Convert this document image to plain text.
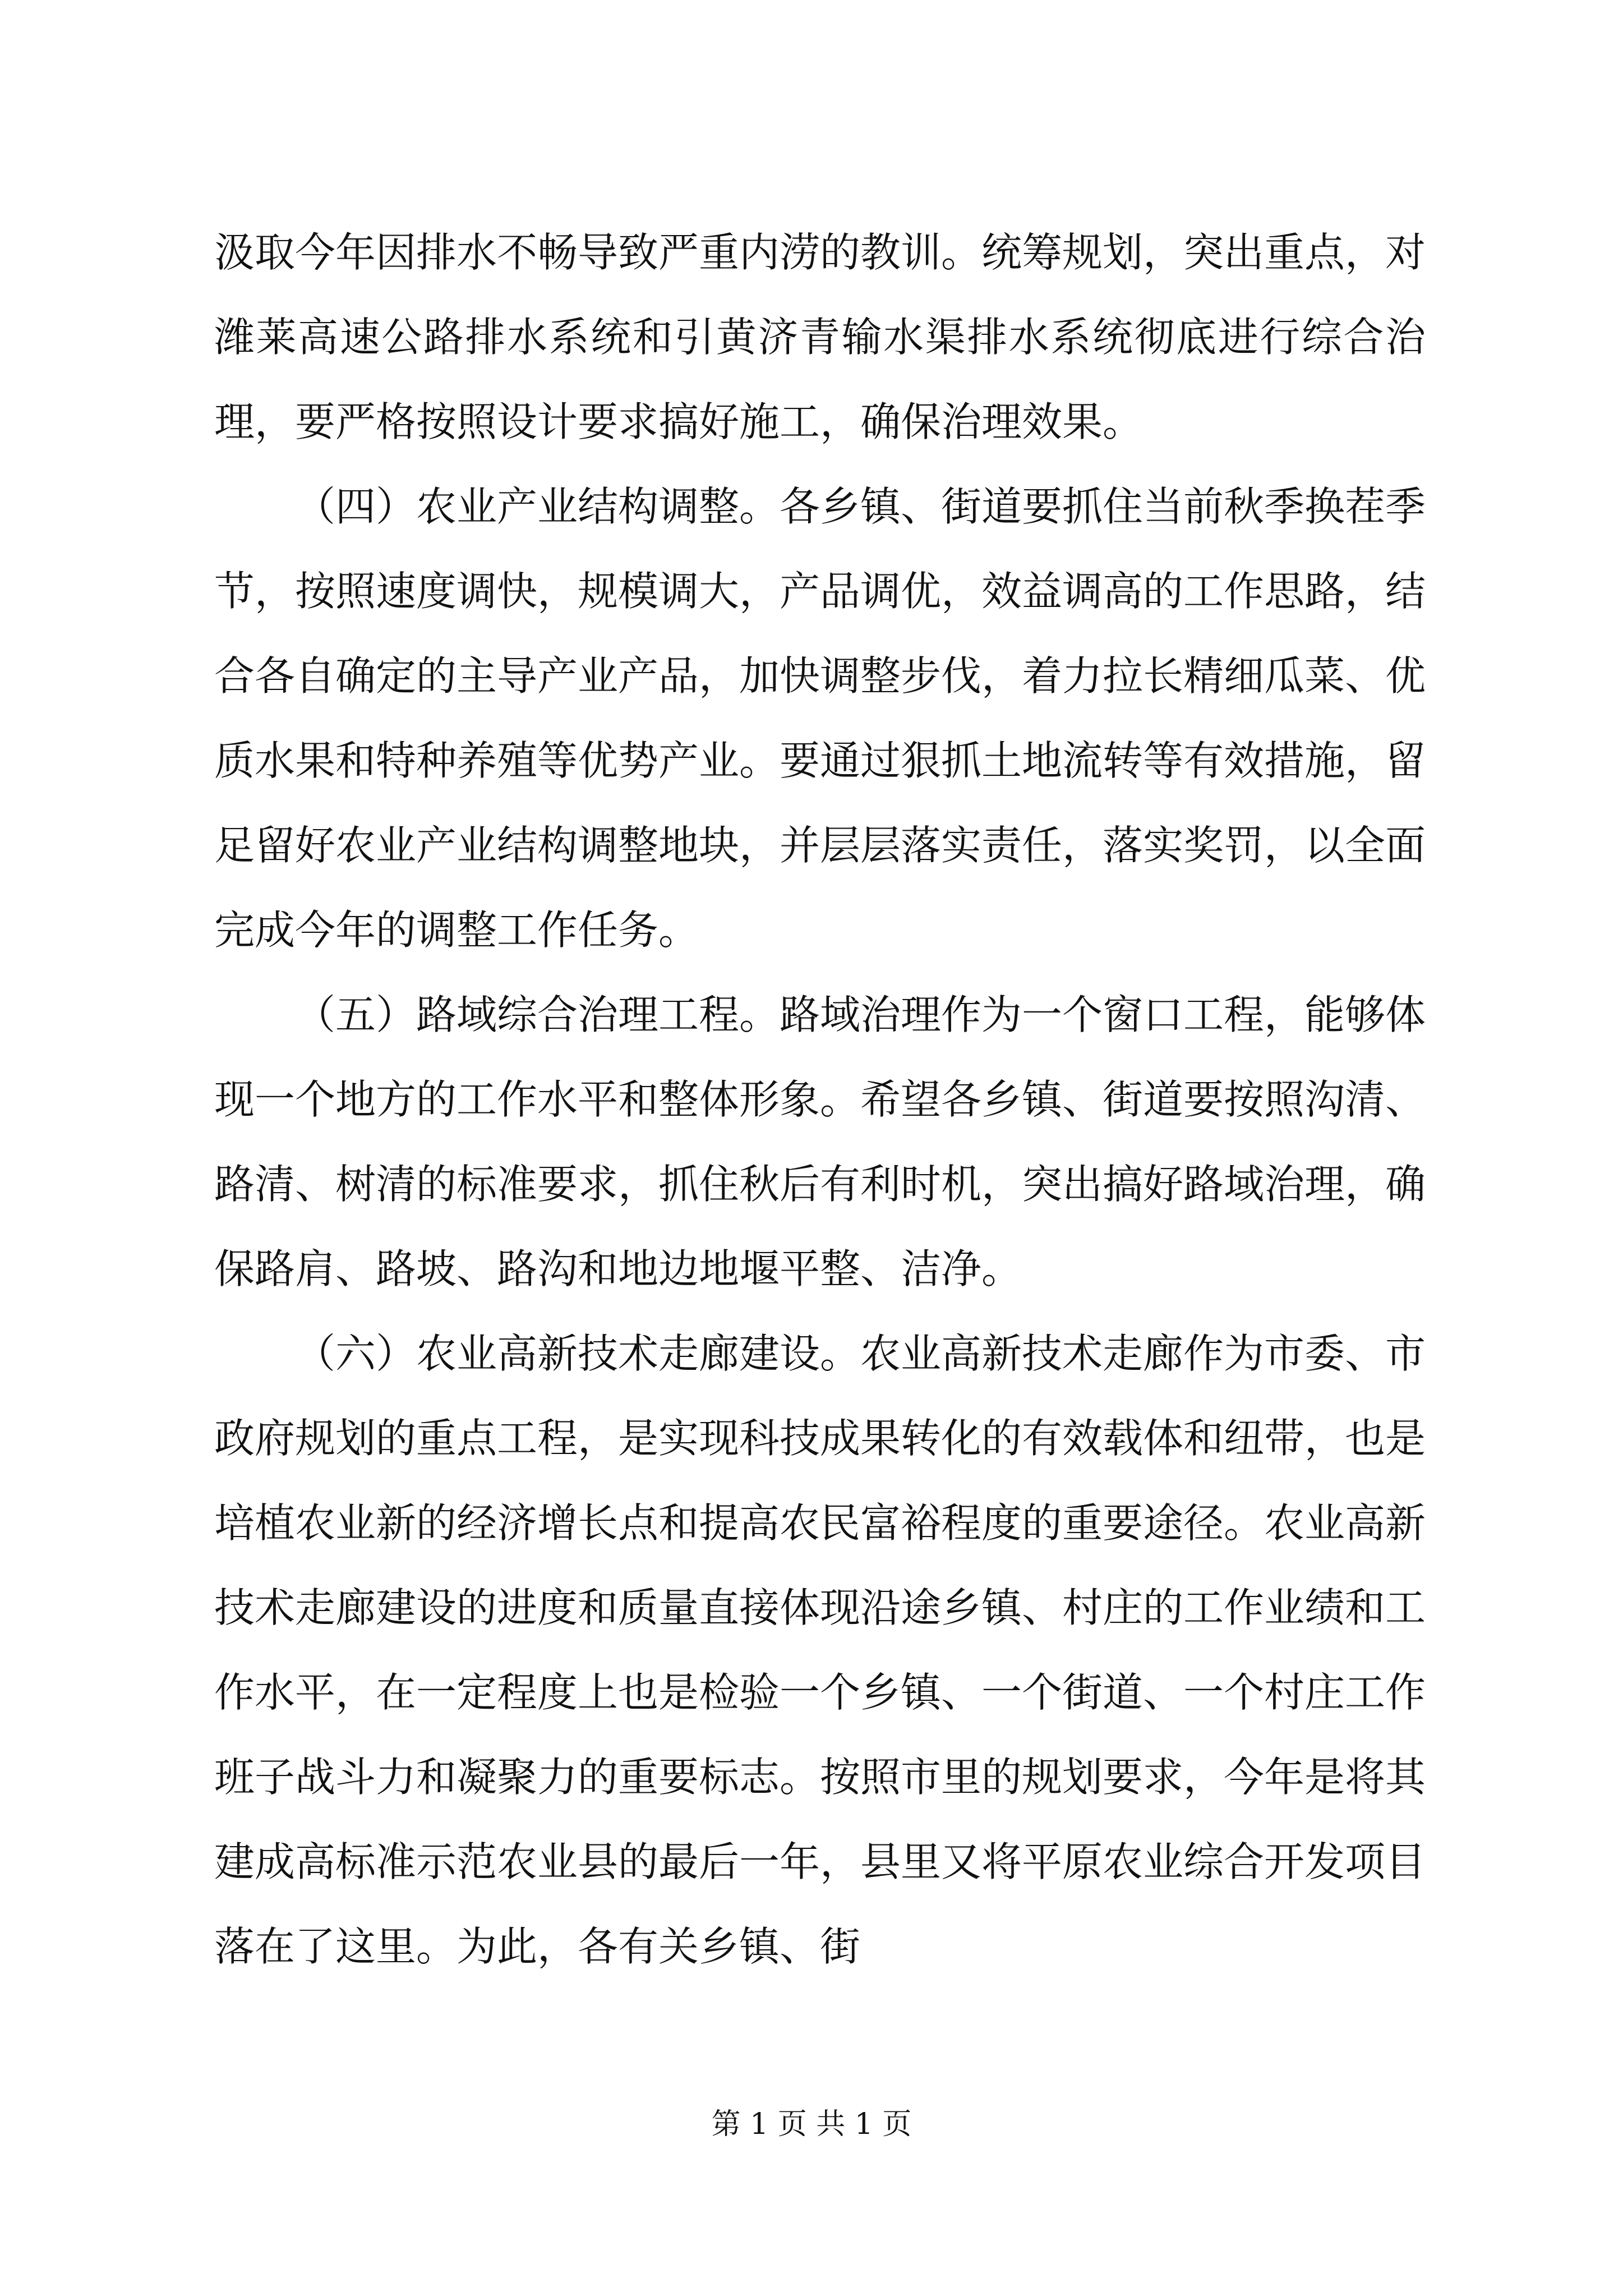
汲取今年因排水不畅导致严重内涝的教训。统筹规划，突出重点，对潍莱高速公路排水系统和引黄济青输水渠排水系统彻底进行综合治理，要严格按照设计要求搞好施工，确保治理效果。

（四）农业产业结构调整。各乡镇、街道要抓住当前秋季换茬季节，按照速度调快，规模调大，产品调优，效益调高的工作思路，结合各自确定的主导产业产品，加快调整步伐，着力拉长精细瓜菜、优质水果和特种养殖等优势产业。要通过狠抓土地流转等有效措施，留足留好农业产业结构调整地块，并层层落实责任，落实奖罚，以全面完成今年的调整工作任务。

（五）路域综合治理工程。路域治理作为一个窗口工程，能够体现一个地方的工作水平和整体形象。希望各乡镇、街道要按照沟清、路清、树清的标准要求，抓住秋后有利时机，突出搞好路域治理，确保路肩、路坡、路沟和地边地堰平整、洁净。

（六）农业高新技术走廊建设。农业高新技术走廊作为市委、市政府规划的重点工程，是实现科技成果转化的有效载体和纽带，也是培植农业新的经济增长点和提高农民富裕程度的重要途径。农业高新技术走廊建设的进度和质量直接体现沿途乡镇、村庄的工作业绩和工作水平，在一定程度上也是检验一个乡镇、一个街道、一个村庄工作班子战斗力和凝聚力的重要标志。按照市里的规划要求，今年是将其建成高标准示范农业县的最后一年，县里又将平原农业综合开发项目落在了这里。为此，各有关乡镇、街

第 1 页 共 1 页
